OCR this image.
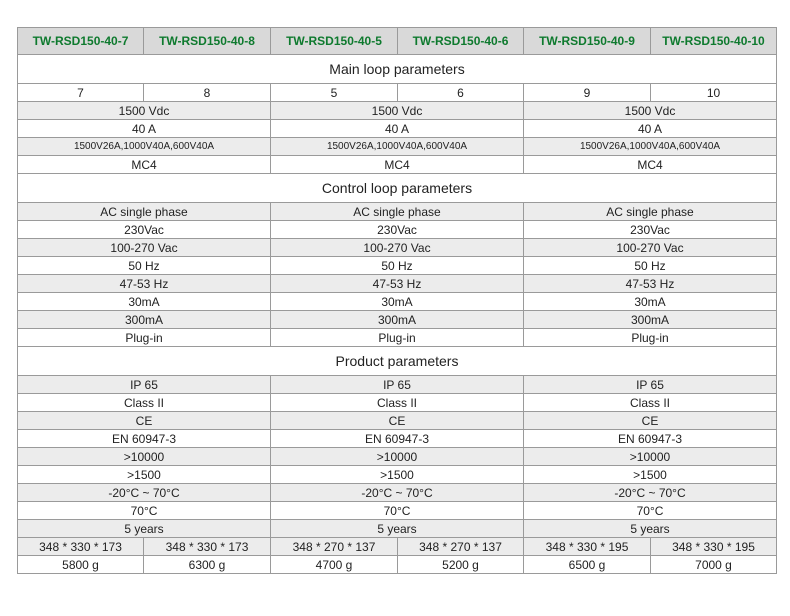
TW-RSD150-40-7	TW-RSD150-40-8	TW-RSD150-40-5	TW-RSD150-40-6	TW-RSD150-40-9	TW-RSD150-40-10
Main loop parameters					
7	8	5	6	9	10
1500 Vdc		1500 Vdc		1500 Vdc	
40 A		40 A		40 A	
1500V26A,1000V40A,600V40A		1500V26A,1000V40A,600V40A		1500V26A,1000V40A,600V40A	
MC4		MC4		MC4	
Control loop parameters					
AC single phase		AC single phase		AC single phase	
230Vac		230Vac		230Vac	
100-270 Vac		100-270 Vac		100-270 Vac	
50 Hz		50 Hz		50 Hz	
47-53 Hz		47-53 Hz		47-53 Hz	
30mA		30mA		30mA	
300mA		300mA		300mA	
Plug-in		Plug-in		Plug-in	
Product parameters					
IP 65		IP 65		IP 65	
Class II		Class II		Class II	
CE		CE		CE	
EN 60947-3		EN 60947-3		EN 60947-3	
>10000		>10000		>10000	
>1500		>1500		>1500	
-20°C ~ 70°C		-20°C ~ 70°C		-20°C ~ 70°C	
70°C		70°C		70°C	
5 years		5 years		5 years	
348 * 330 * 173	348 * 330 * 173	348 * 270 * 137	348 * 270 * 137	348 * 330 * 195	348 * 330 * 195
5800 g	6300 g	4700 g	5200 g	6500 g	7000 g
